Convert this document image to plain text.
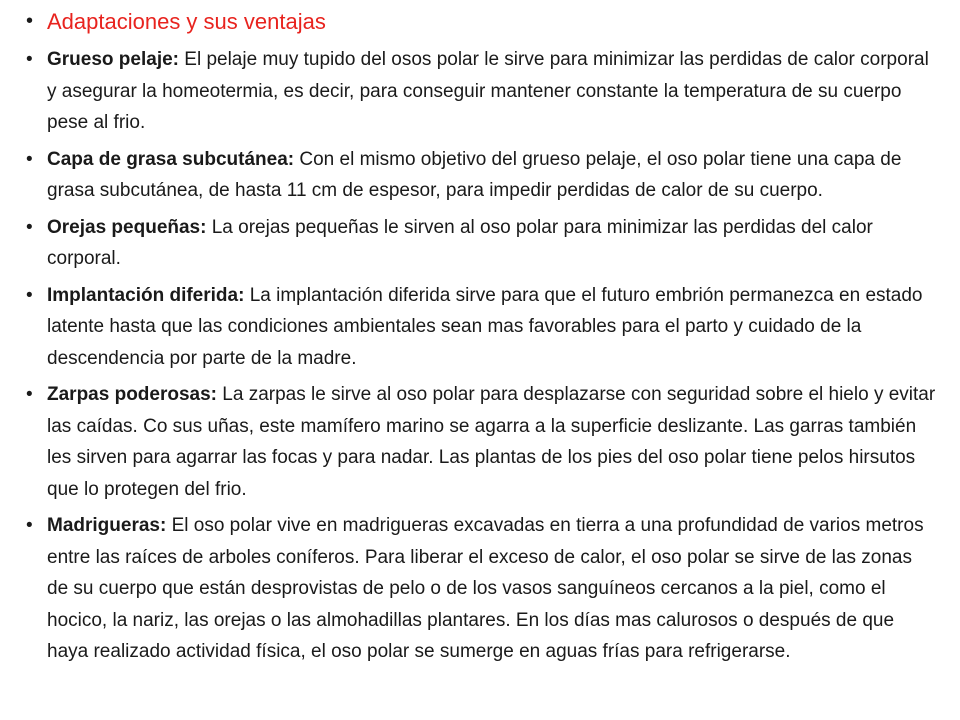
• Adaptaciones y sus ventajas
• Grueso pelaje: El pelaje muy tupido del osos polar le sirve para minimizar las perdidas de calor corporal y asegurar la homeotermia, es decir, para conseguir mantener constante la temperatura de su cuerpo pese al frio.
• Capa de grasa subcutánea: Con el mismo objetivo del grueso pelaje, el oso polar tiene una capa de grasa subcutánea, de hasta 11 cm de espesor, para impedir perdidas de calor de su cuerpo.
• Orejas pequeñas: La orejas pequeñas le sirven al oso polar para minimizar las perdidas del calor corporal.
• Implantación diferida: La implantación diferida sirve para que el futuro embrión permanezca en estado latente hasta que las condiciones ambientales sean mas favorables para el parto y cuidado de la descendencia por parte de la madre.
• Zarpas poderosas: La zarpas le sirve al oso polar para desplazarse con seguridad sobre el hielo y evitar las caídas. Co sus uñas, este mamífero marino se agarra a la superficie deslizante. Las garras también les sirven para agarrar las focas y para nadar. Las plantas de los pies del oso polar tiene pelos hirsutos que lo protegen del frio.
• Madrigueras: El oso polar vive en madrigueras excavadas en tierra a una profundidad de varios metros entre las raíces de arboles coníferos. Para liberar el exceso de calor, el oso polar se sirve de las zonas de su cuerpo que están desprovistas de pelo o de los vasos sanguíneos cercanos a la piel, como el hocico, la nariz, las orejas o las almohadillas plantares. En los días mas calurosos o después de que haya realizado actividad física, el oso polar se sumerge en aguas frías para refrigerarse.
